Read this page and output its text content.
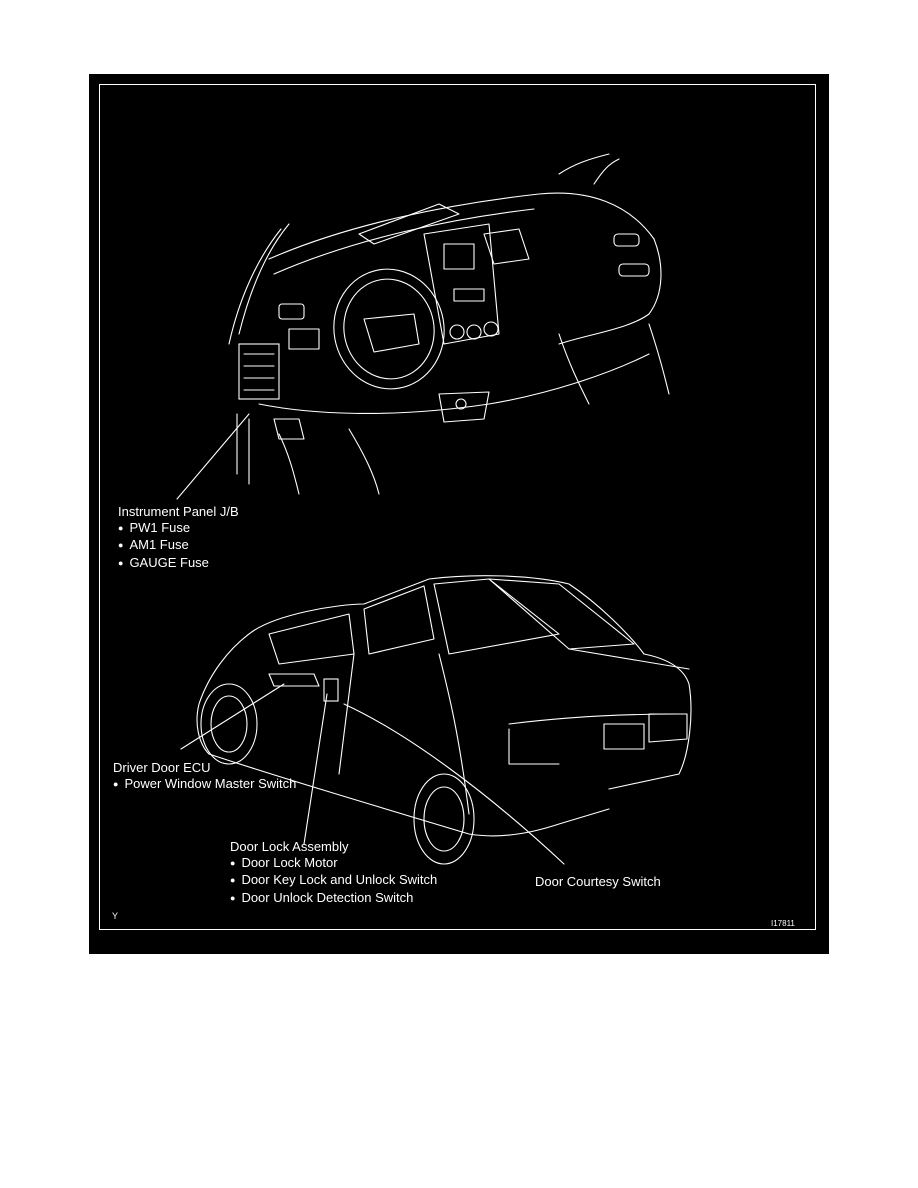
Instrument Panel J/B
● PW1 Fuse
● AM1 Fuse
● GAUGE Fuse
Driver Door ECU
● Power Window Master Switch
Door Lock Assembly
● Door Lock Motor
● Door Key Lock and Unlock Switch
● Door Unlock Detection Switch
Door Courtesy Switch
Y
I17811
